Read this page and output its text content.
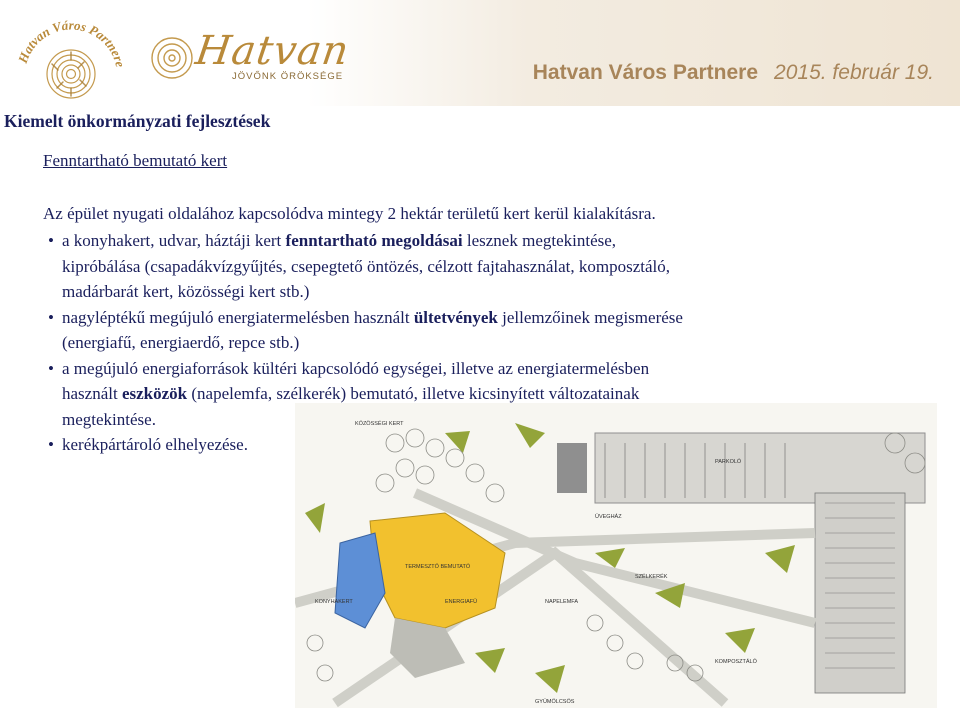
Hatvan Város Partnere Hatvan
JÖVŐNK ÖRÖKSÉGE	Hatvan Város Partnere 2015. február 19.
Kiemelt önkormányzati fejlesztések
Fenntartható bemutató kert
Az épület nyugati oldalához kapcsolódva mintegy 2 hektár területű kert kerül kialakításra.
• a konyhakert, udvar, háztáji kert fenntartható megoldásai lesznek megtekintése,
kipróbálása (csapadákvízgyűjtés, csepegtető öntözés, célzott fajtahasználat, komposztáló,
madárbarát kert, közösségi kert stb.)
• nagyléptékű megújuló energiatermelésben használt ültetvények jellemzőinek megismerése
(energiafű, energiaerdő, repce stb.)
• a megújuló energiaforrások kültéri kapcsolódó egységei, illetve az energiatermelésben
használt eszközök (napelemfa, szélkerék) bemutató, illetve kicsinyített változatainak
megtekintése.
• kerékpártároló elhelyezése.
KÖZÖSSÉGI KERT
ÜVEGHÁZ
KOMPOSZTÁLÓ
PARKOLÓ
TERMESZTŐ BEMUTATÓ
ENERGIAFŰ	NAPELEMFA
SZÉLKERÉK
KONYHAKERT
GYÜMÖLCSÖS
